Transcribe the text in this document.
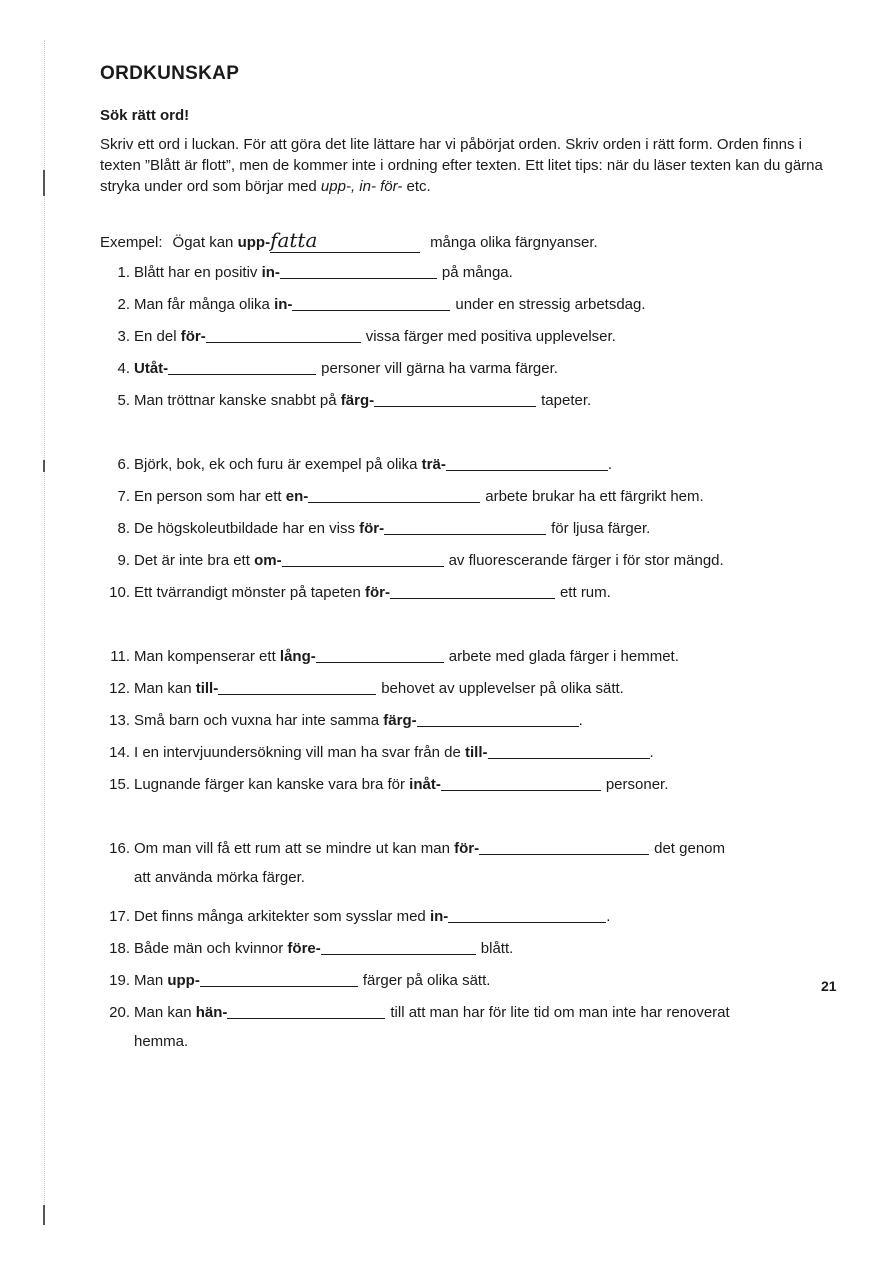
ORDKUNSKAP
Sök rätt ord!

Skriv ett ord i luckan. För att göra det lite lättare har vi påbörjat orden. Skriv orden i rätt form. Orden finns i texten ”Blått är flott”, men de kommer inte i ordning efter texten. Ett litet tips: när du läser texten kan du gärna stryka under ord som börjar med upp-, in- för- etc.

Exempel: Ögat kan upp- fatta	många olika färgnyanser.
1. Blått har en positiv in-	på många.
2. Man får många olika in-	under en stressig arbetsdag.
3. En del för-	vissa färger med positiva upplevelser.
4. Utåt-	personer vill gärna ha varma färger.
5. Man tröttnar kanske snabbt på färg-	tapeter.
6. Björk, bok, ek och furu är exempel på olika trä-	.
7. En person som har ett en-	arbete brukar ha ett färgrikt hem.
8. De högskoleutbildade har en viss för-	för ljusa färger.
9. Det är inte bra ett om-	av fluorescerande färger i för stor mängd.
10. Ett tvärrandigt mönster på tapeten för-	ett rum.
11. Man kompenserar ett lång-	arbete med glada färger i hemmet.
12. Man kan till-	behovet av upplevelser på olika sätt.
13. Små barn och vuxna har inte samma färg-	.
14. I en intervjuundersökning vill man ha svar från de till-	.
15. Lugnande färger kan kanske vara bra för inåt-	personer.
16. Om man vill få ett rum att se mindre ut kan man för-	det genom
att använda mörka färger.
17. Det finns många arkitekter som sysslar med in-	.
18. Både män och kvinnor före-	blått.
19. Man upp-	färger på olika sätt.
20. Man kan hän-	till att man har för lite tid om man inte har renoverat
hemma.
21
